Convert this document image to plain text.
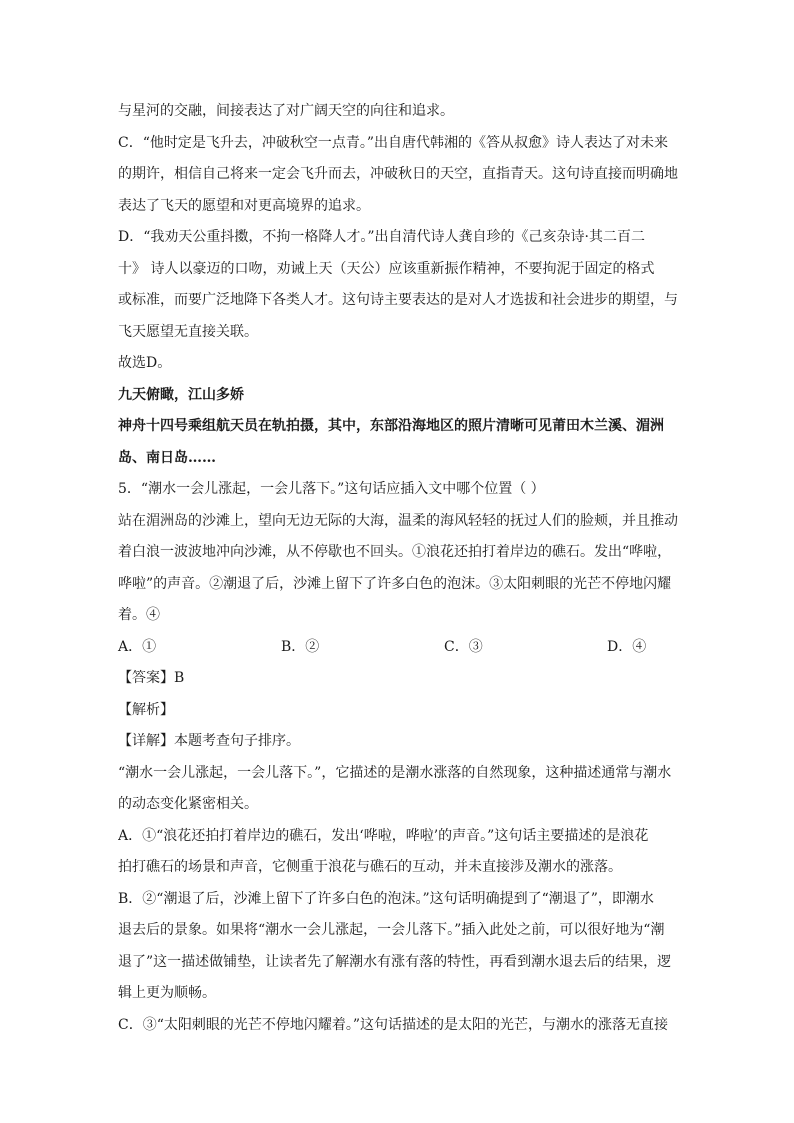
与星河的交融，间接表达了对广阔天空的向往和追求。
C．“他时定是飞升去，冲破秋空一点青。”出自唐代韩湘的《答从叔愈》诗人表达了对未来
的期许，相信自己将来一定会飞升而去，冲破秋日的天空，直指青天。这句诗直接而明确地
表达了飞天的愿望和对更高境界的追求。
D．“我劝天公重抖擞，不拘一格降人才。”出自清代诗人龚自珍的《己亥杂诗·其二百二
十》 诗人以豪迈的口吻，劝诫上天（天公）应该重新振作精神，不要拘泥于固定的格式
或标准，而要广泛地降下各类人才。这句诗主要表达的是对人才选拔和社会进步的期望，与
飞天愿望无直接关联。
故选D。
九天俯瞰，江山多娇
神舟十四号乘组航天员在轨拍摄，其中，东部沿海地区的照片清晰可见莆田木兰溪、湄洲
岛、南日岛……
5．“潮水一会儿涨起，一会儿落下。”这句话应插入文中哪个位置（ ）
站在湄洲岛的沙滩上，望向无边无际的大海，温柔的海风轻轻的抚过人们的脸颊，并且推动
着白浪一波波地冲向沙滩，从不停歇也不回头。①浪花还拍打着岸边的礁石。发出“哗啦，
哗啦”的声音。②潮退了后，沙滩上留下了许多白色的泡沫。③太阳刺眼的光芒不停地闪耀
着。④
A．①	B．②	C．③	D．④
【答案】B
【解析】
【详解】本题考查句子排序。
“潮水一会儿涨起，一会儿落下。”，它描述的是潮水涨落的自然现象，这种描述通常与潮水
的动态变化紧密相关。
A．①“浪花还拍打着岸边的礁石，发出‘哗啦，哗啦’的声音。”这句话主要描述的是浪花
拍打礁石的场景和声音，它侧重于浪花与礁石的互动，并未直接涉及潮水的涨落。
B．②“潮退了后，沙滩上留下了许多白色的泡沫。”这句话明确提到了“潮退了”，即潮水
退去后的景象。如果将“潮水一会儿涨起，一会儿落下。”插入此处之前，可以很好地为“潮
退了”这一描述做铺垫，让读者先了解潮水有涨有落的特性，再看到潮水退去后的结果，逻
辑上更为顺畅。
C．③“太阳刺眼的光芒不停地闪耀着。”这句话描述的是太阳的光芒，与潮水的涨落无直接
